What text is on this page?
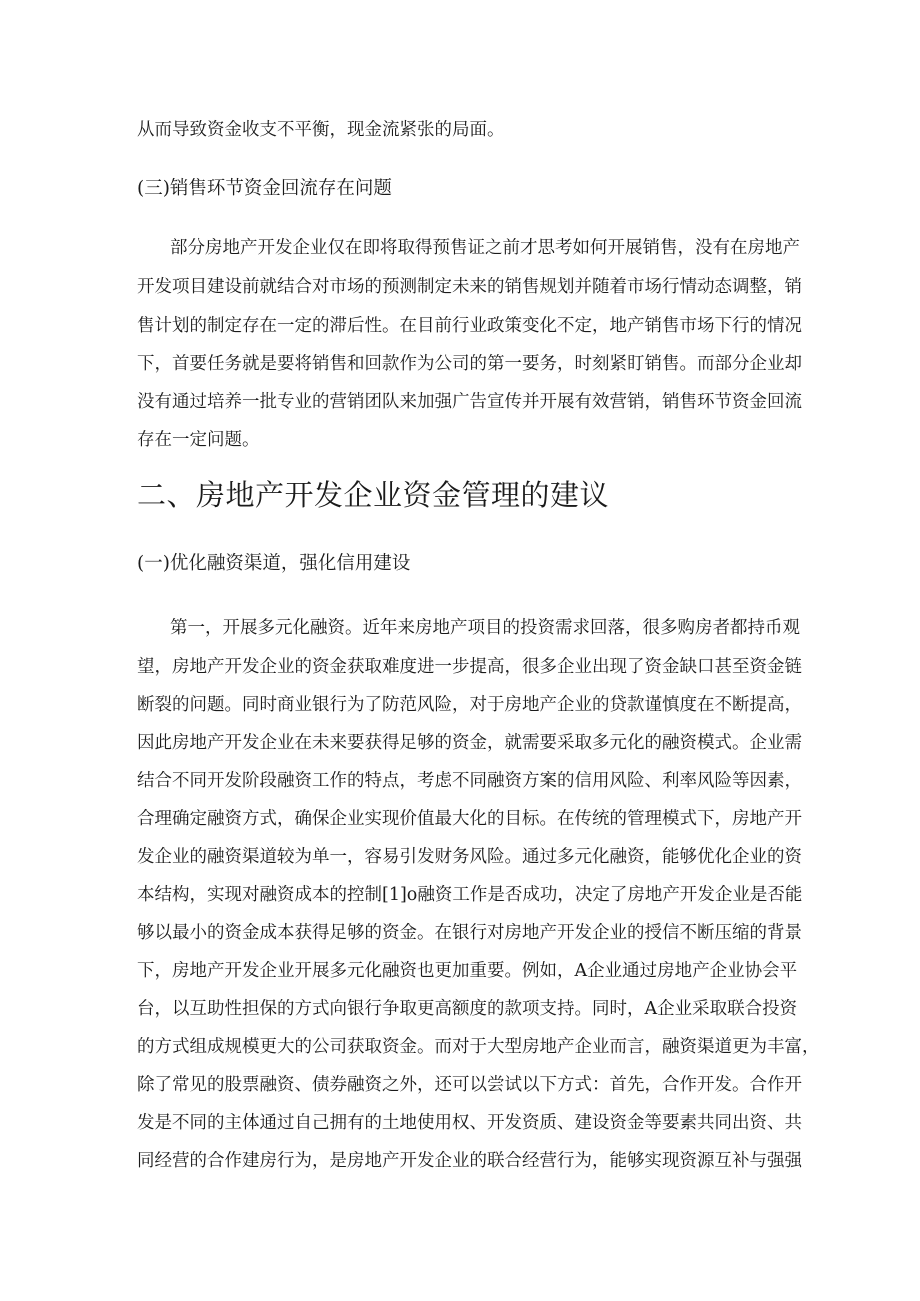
从而导致资金收支不平衡，现金流紧张的局面。
(三)销售环节资金回流存在问题
部分房地产开发企业仅在即将取得预售证之前才思考如何开展销售，没有在房地产
开发项目建设前就结合对市场的预测制定未来的销售规划并随着市场行情动态调整，销
售计划的制定存在一定的滞后性。在目前行业政策变化不定，地产销售市场下行的情况
下，首要任务就是要将销售和回款作为公司的第一要务，时刻紧盯销售。而部分企业却
没有通过培养一批专业的营销团队来加强广告宣传并开展有效营销，销售环节资金回流
存在一定问题。
二、房地产开发企业资金管理的建议
(一)优化融资渠道，强化信用建设
第一，开展多元化融资。近年来房地产项目的投资需求回落，很多购房者都持币观
望，房地产开发企业的资金获取难度进一步提高，很多企业出现了资金缺口甚至资金链
断裂的问题。同时商业银行为了防范风险，对于房地产企业的贷款谨慎度在不断提高，
因此房地产开发企业在未来要获得足够的资金，就需要采取多元化的融资模式。企业需
结合不同开发阶段融资工作的特点，考虑不同融资方案的信用风险、利率风险等因素，
合理确定融资方式，确保企业实现价值最大化的目标。在传统的管理模式下，房地产开
发企业的融资渠道较为单一，容易引发财务风险。通过多元化融资，能够优化企业的资
本结构，实现对融资成本的控制[1]o融资工作是否成功，决定了房地产开发企业是否能
够以最小的资金成本获得足够的资金。在银行对房地产开发企业的授信不断压缩的背景
下，房地产开发企业开展多元化融资也更加重要。例如，A企业通过房地产企业协会平
台，以互助性担保的方式向银行争取更高额度的款项支持。同时，A企业采取联合投资
的方式组成规模更大的公司获取资金。而对于大型房地产企业而言，融资渠道更为丰富，
除了常见的股票融资、债券融资之外，还可以尝试以下方式：首先，合作开发。合作开
发是不同的主体通过自己拥有的土地使用权、开发资质、建设资金等要素共同出资、共
同经营的合作建房行为，是房地产开发企业的联合经营行为，能够实现资源互补与强强
